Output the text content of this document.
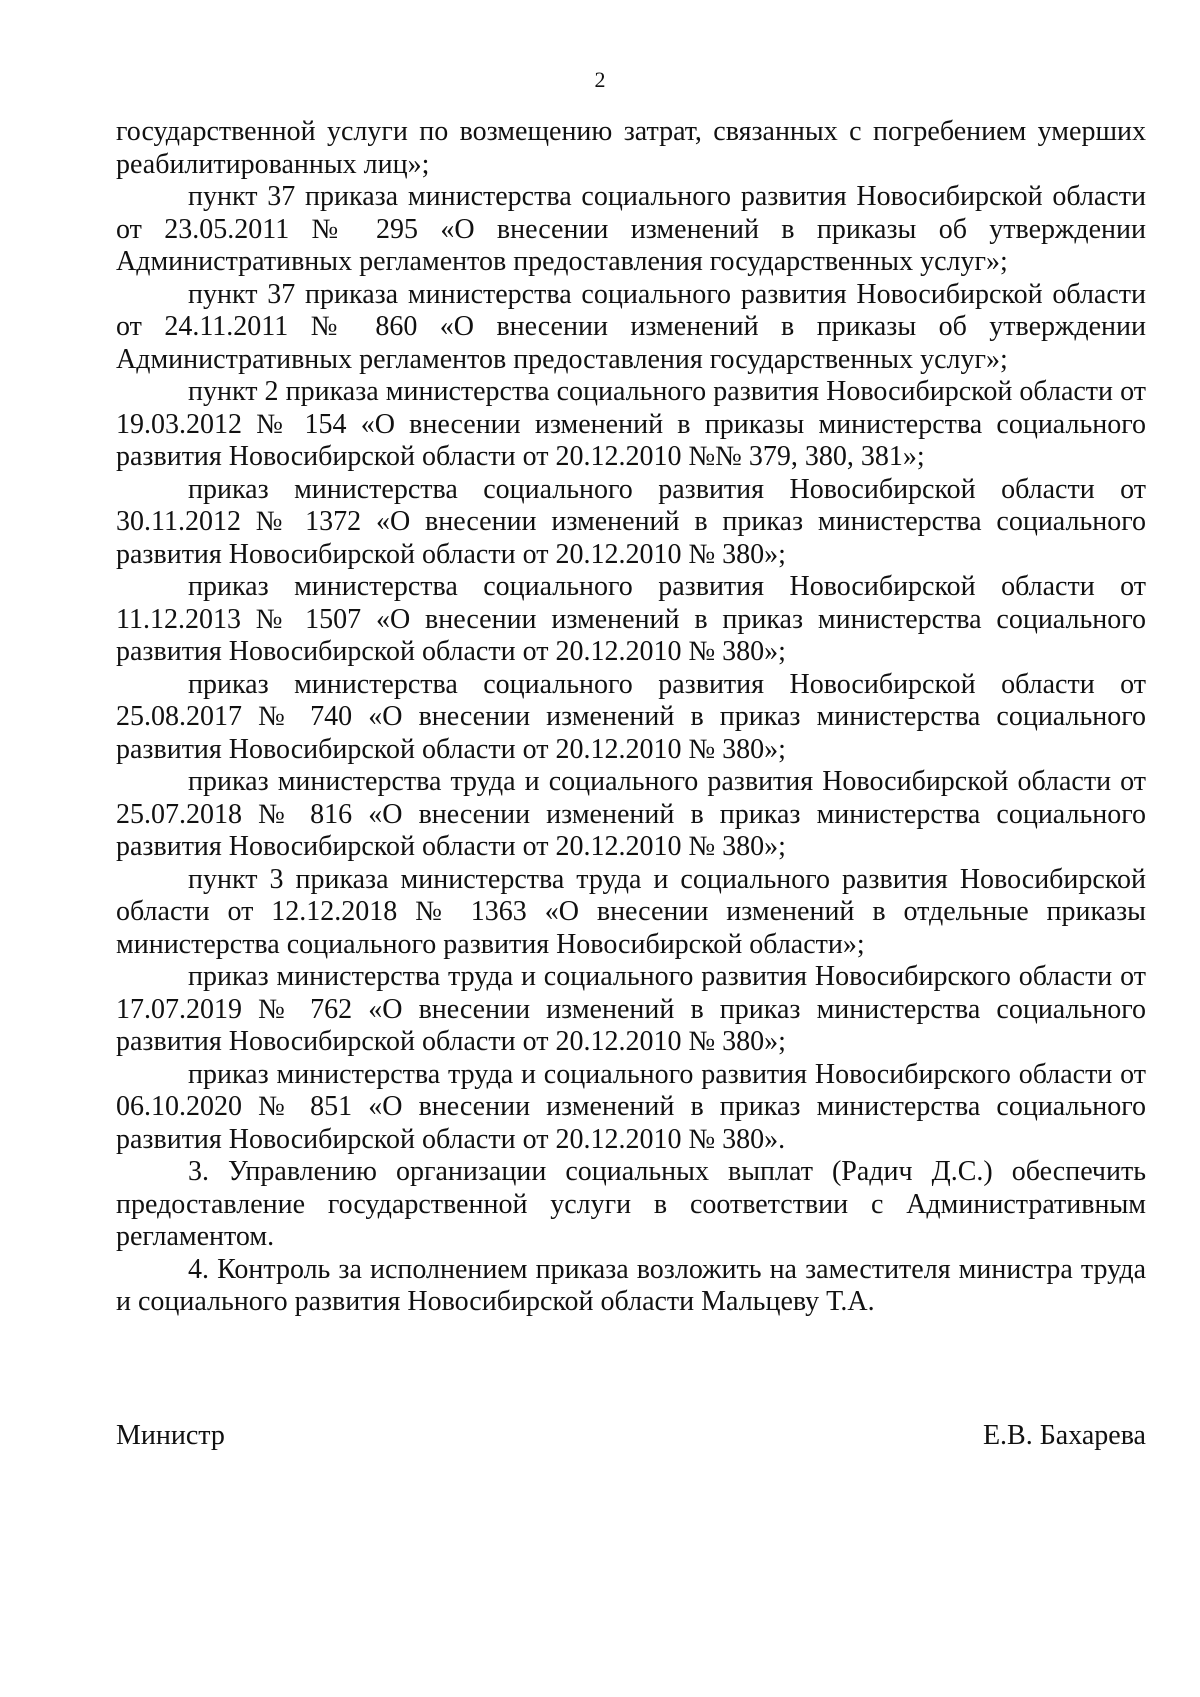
2

государственной услуги по возмещению затрат, связанных с погребением умерших реабилитированных лиц»;

пункт 37 приказа министерства социального развития Новосибирской области от 23.05.2011 № 295 «О внесении изменений в приказы об утверждении Административных регламентов предоставления государственных услуг»;

пункт 37 приказа министерства социального развития Новосибирской области от 24.11.2011 № 860 «О внесении изменений в приказы об утверждении Административных регламентов предоставления государственных услуг»;

пункт 2 приказа министерства социального развития Новосибирской области от 19.03.2012 № 154 «О внесении изменений в приказы министерства социального развития Новосибирской области от 20.12.2010 №№ 379, 380, 381»;

приказ министерства социального развития Новосибирской области от 30.11.2012 № 1372 «О внесении изменений в приказ министерства социального развития Новосибирской области от 20.12.2010 № 380»;

приказ министерства социального развития Новосибирской области от 11.12.2013 № 1507 «О внесении изменений в приказ министерства социального развития Новосибирской области от 20.12.2010 № 380»;

приказ министерства социального развития Новосибирской области от 25.08.2017 № 740 «О внесении изменений в приказ министерства социального развития Новосибирской области от 20.12.2010 № 380»;

приказ министерства труда и социального развития Новосибирской области от 25.07.2018 № 816 «О внесении изменений в приказ министерства социального развития Новосибирской области от 20.12.2010 № 380»;

пункт 3 приказа министерства труда и социального развития Новосибирской области от 12.12.2018 № 1363 «О внесении изменений в отдельные приказы министерства социального развития Новосибирской области»;

приказ министерства труда и социального развития Новосибирского области от 17.07.2019 № 762 «О внесении изменений в приказ министерства социального развития Новосибирской области от 20.12.2010 № 380»;

приказ министерства труда и социального развития Новосибирского области от 06.10.2020 № 851 «О внесении изменений в приказ министерства социального развития Новосибирской области от 20.12.2010 № 380».

3. Управлению организации социальных выплат (Радич Д.С.) обеспечить предоставление государственной услуги в соответствии с Административным регламентом.

4. Контроль за исполнением приказа возложить на заместителя министра труда и социального развития Новосибирской области Мальцеву Т.А.

Министр	Е.В. Бахарева
